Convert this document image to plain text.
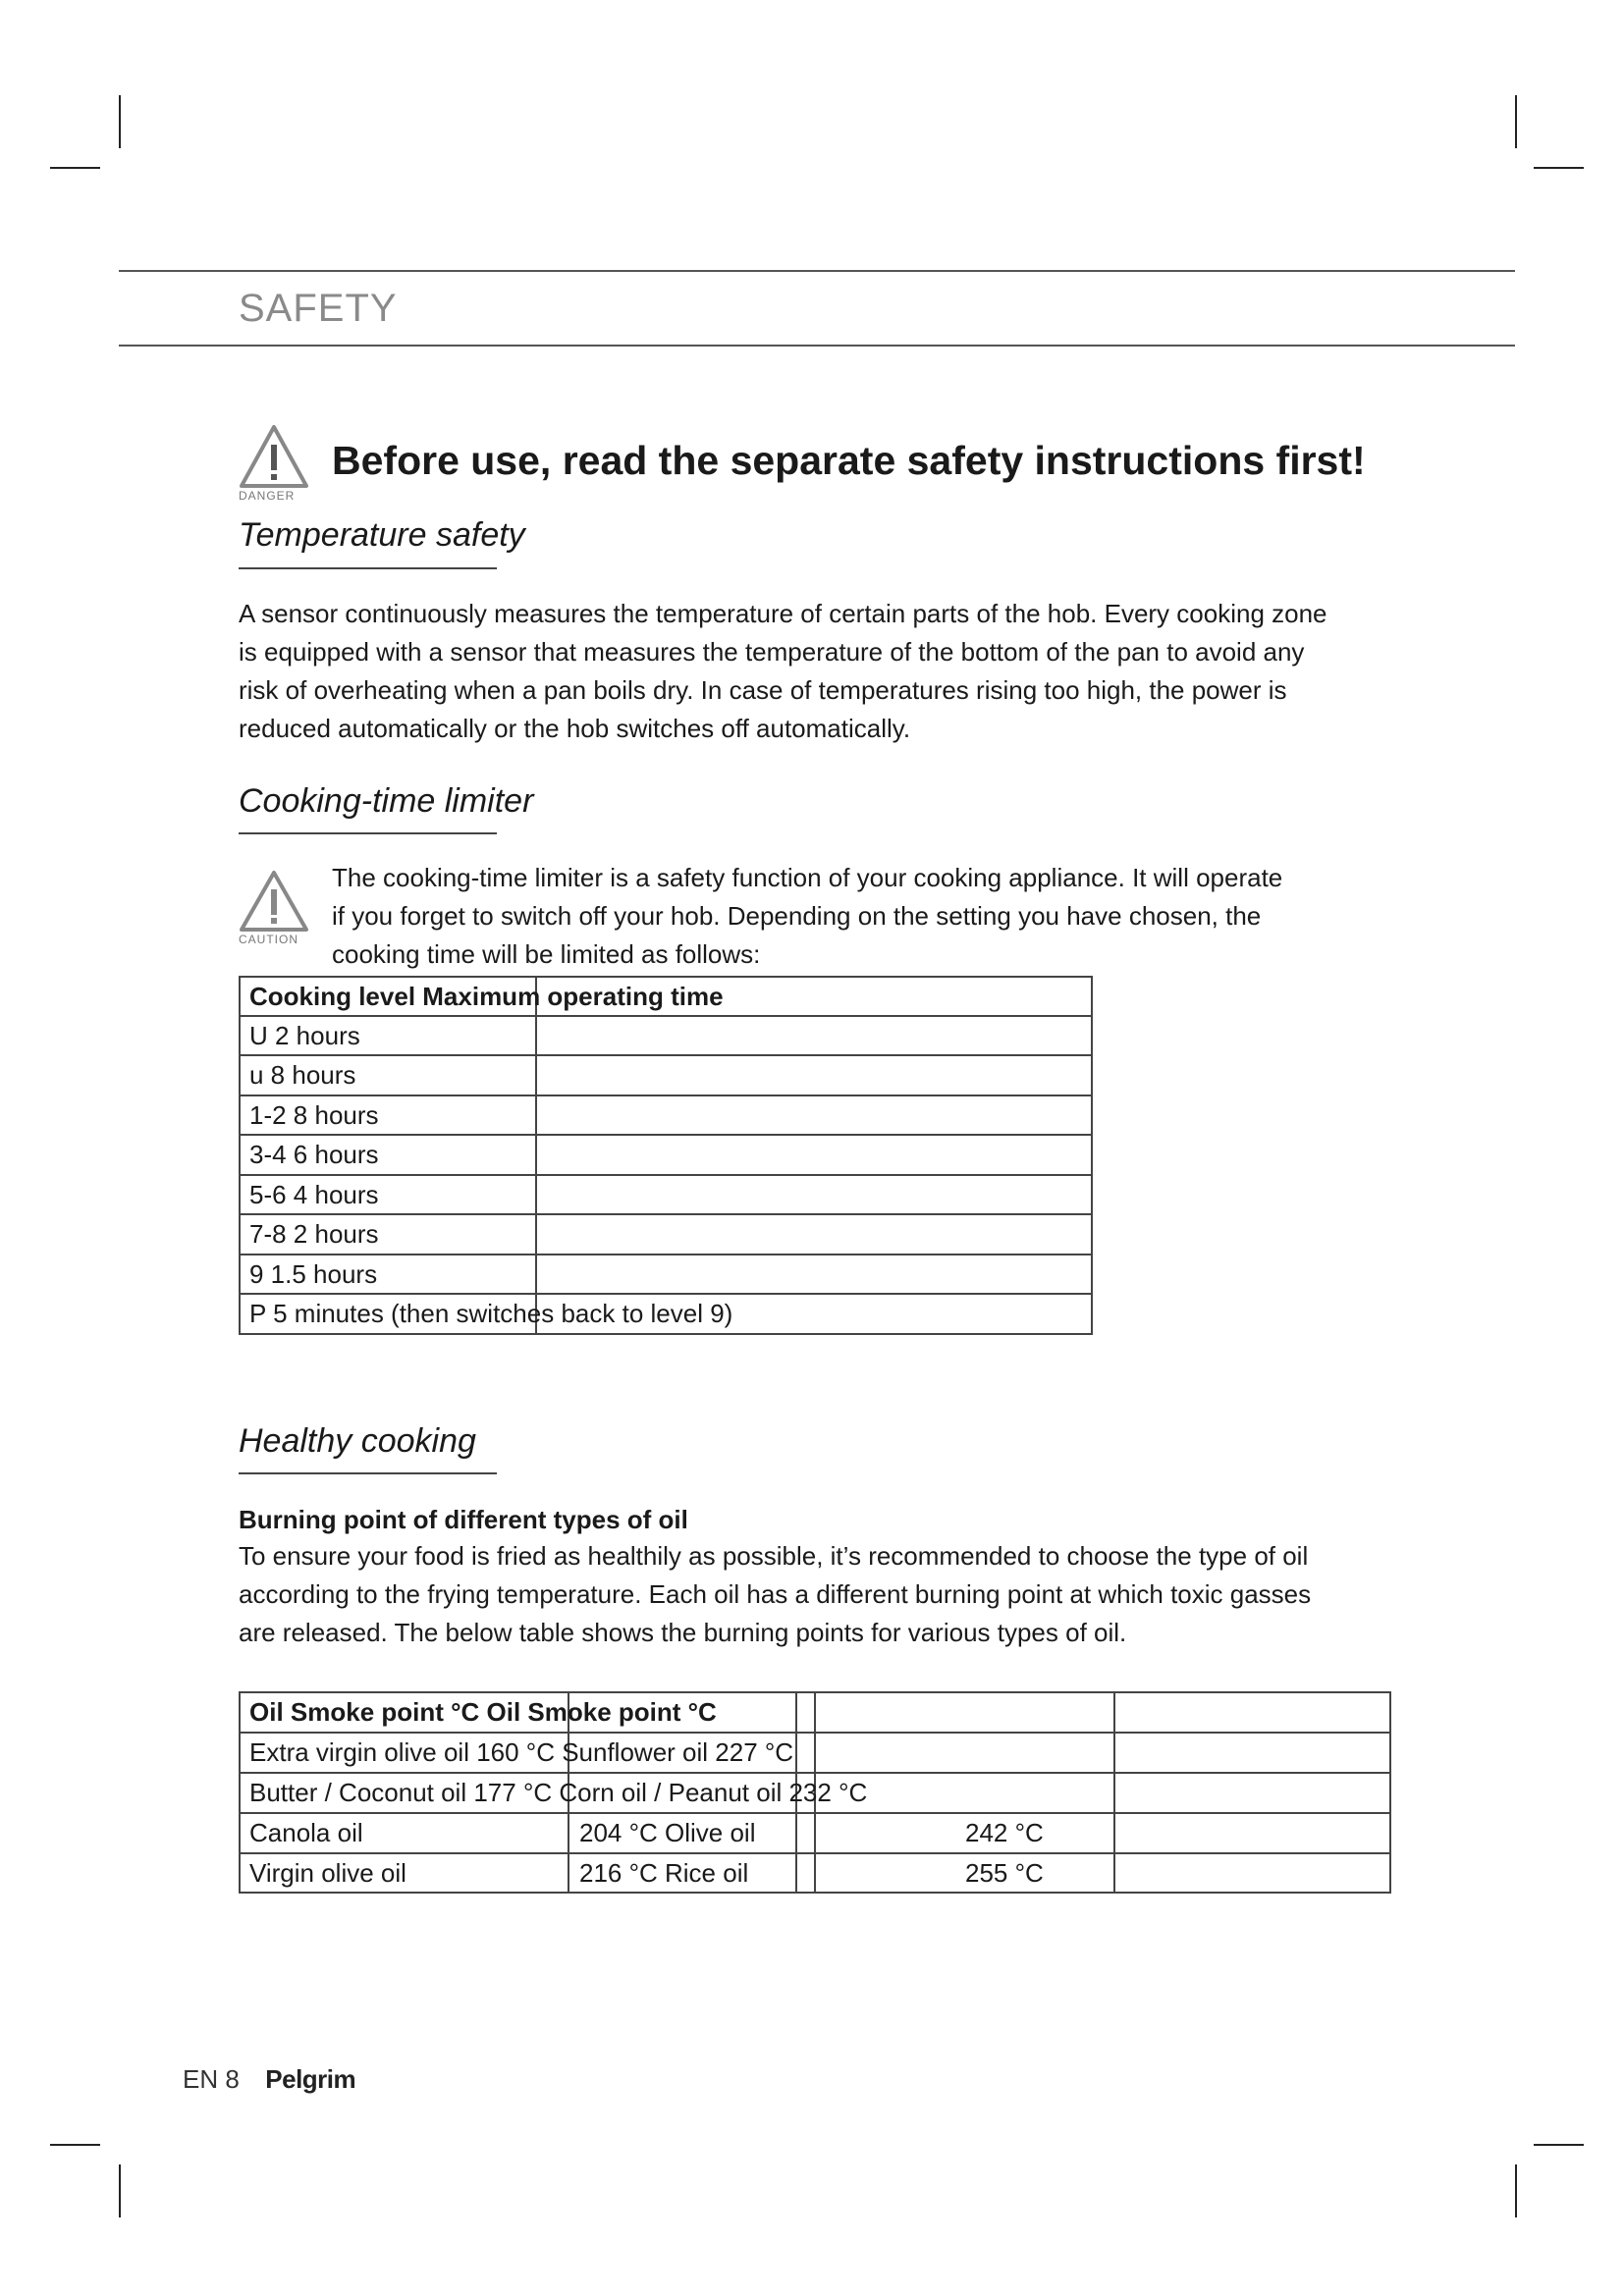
SAFETY
DANGER
Before use, read the separate safety instructions first!
Temperature safety

A sensor continuously measures the temperature of certain parts of the hob. Every cooking zone

is equipped with a sensor that measures the temperature of the bottom of the pan to avoid any

risk of overheating when a pan boils dry. In case of temperatures rising too high, the power is

reduced automatically or the hob switches off automatically.

Cooking-time limiter
CAUTION

The cooking-time limiter is a safety function of your cooking appliance. It will operate

if you forget to switch off your hob. Depending on the setting you have chosen, the

cooking time will be limited as follows:

Cooking level Maximum operating time
U 2 hours
u 8 hours
1-2 8 hours
3-4 6 hours
5-6 4 hours
7-8 2 hours
9 1.5 hours
P 5 minutes (then switches back to level 9)
Healthy cooking
Burning point of different types of oil

To ensure your food is fried as healthily as possible, it’s recommended to choose the type of oil

according to the frying temperature. Each oil has a different burning point at which toxic gasses

are released. The below table shows the burning points for various types of oil.

Oil Smoke point °C Oil Smoke point °C
Extra virgin olive oil 160 °C Sunflower oil 227 °C
Butter / Coconut oil 177 °C Corn oil / Peanut oil 232 °C
Canola oil	204 °C Olive oil	242 °C
Virgin olive oil	216 °C Rice oil	255 °C
EN 8 Pelgrim
